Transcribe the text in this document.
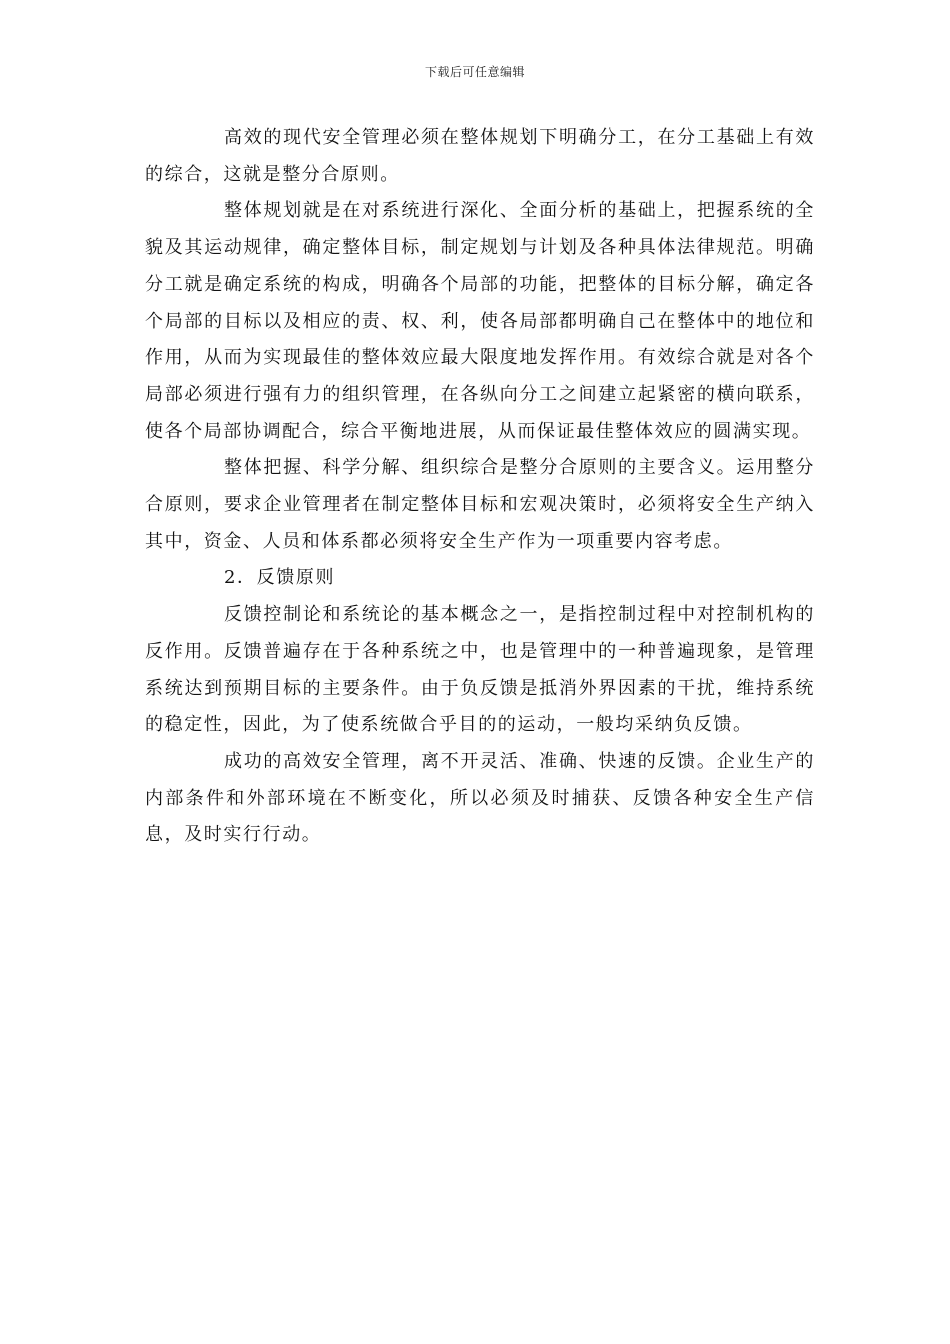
下载后可任意编辑

高效的现代安全管理必须在整体规划下明确分工，在分工基础上有效的综合，这就是整分合原则。

整体规划就是在对系统进行深化、全面分析的基础上，把握系统的全貌及其运动规律，确定整体目标，制定规划与计划及各种具体法律规范。明确分工就是确定系统的构成，明确各个局部的功能，把整体的目标分解，确定各个局部的目标以及相应的责、权、利，使各局部都明确自己在整体中的地位和作用，从而为实现最佳的整体效应最大限度地发挥作用。有效综合就是对各个局部必须进行强有力的组织管理，在各纵向分工之间建立起紧密的横向联系，使各个局部协调配合，综合平衡地进展，从而保证最佳整体效应的圆满实现。

整体把握、科学分解、组织综合是整分合原则的主要含义。运用整分合原则，要求企业管理者在制定整体目标和宏观决策时，必须将安全生产纳入其中，资金、人员和体系都必须将安全生产作为一项重要内容考虑。

2．反馈原则

反馈控制论和系统论的基本概念之一，是指控制过程中对控制机构的反作用。反馈普遍存在于各种系统之中，也是管理中的一种普遍现象，是管理系统达到预期目标的主要条件。由于负反馈是抵消外界因素的干扰，维持系统的稳定性，因此，为了使系统做合乎目的的运动，一般均采纳负反馈。

成功的高效安全管理，离不开灵活、准确、快速的反馈。企业生产的内部条件和外部环境在不断变化，所以必须及时捕获、反馈各种安全生产信息，及时实行行动。
